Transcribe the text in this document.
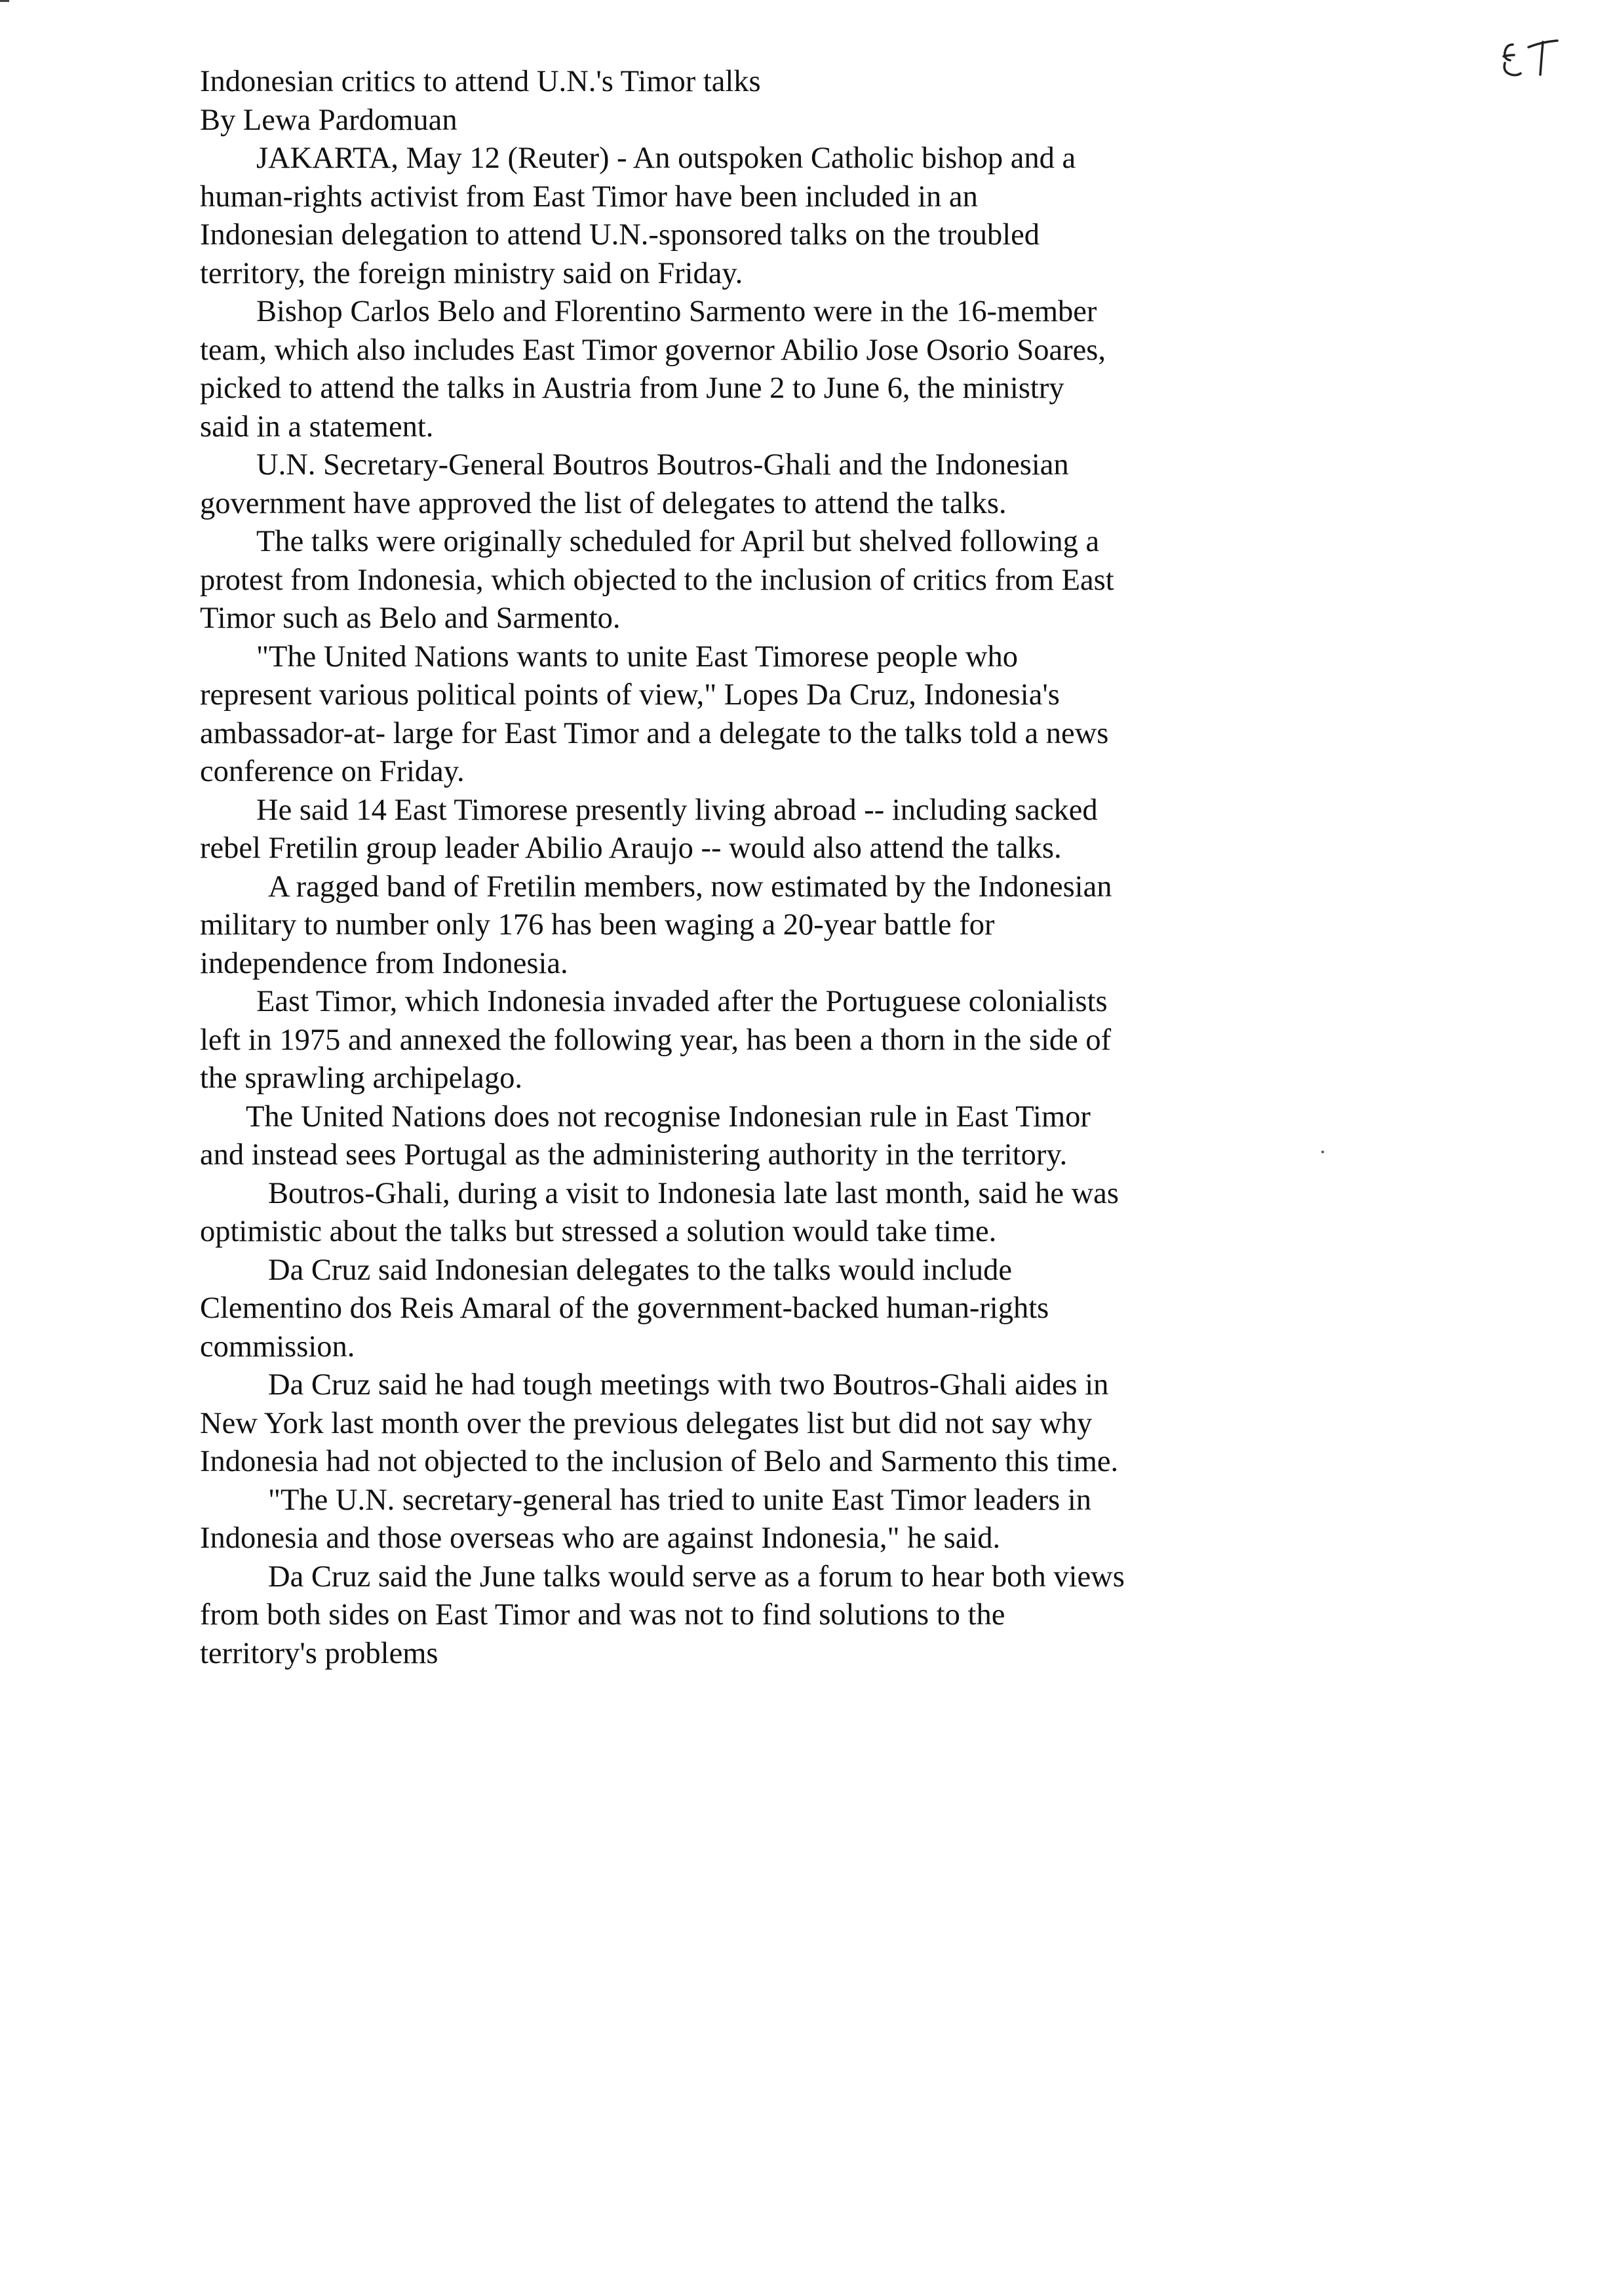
Indonesian critics to attend U.N.'s Timor talks

By Lewa Pardomuan

JAKARTA, May 12 (Reuter) - An outspoken Catholic bishop and a
human-rights activist from East Timor have been included in an
Indonesian delegation to attend U.N.-sponsored talks on the troubled
territory, the foreign ministry said on Friday.
Bishop Carlos Belo and Florentino Sarmento were in the 16-member
team, which also includes East Timor governor Abilio Jose Osorio Soares,
picked to attend the talks in Austria from June 2 to June 6, the ministry
said in a statement.
U.N. Secretary-General Boutros Boutros-Ghali and the Indonesian
government have approved the list of delegates to attend the talks.
The talks were originally scheduled for April but shelved following a
protest from Indonesia, which objected to the inclusion of critics from East
Timor such as Belo and Sarmento.
"The United Nations wants to unite East Timorese people who
represent various political points of view," Lopes Da Cruz, Indonesia's
ambassador-at- large for East Timor and a delegate to the talks told a news
conference on Friday.
He said 14 East Timorese presently living abroad -- including sacked
rebel Fretilin group leader Abilio Araujo -- would also attend the talks.
A ragged band of Fretilin members, now estimated by the Indonesian
military to number only 176 has been waging a 20-year battle for
independence from Indonesia.
East Timor, which Indonesia invaded after the Portuguese colonialists
left in 1975 and annexed the following year, has been a thorn in the side of
the sprawling archipelago.
The United Nations does not recognise Indonesian rule in East Timor
and instead sees Portugal as the administering authority in the territory.
Boutros-Ghali, during a visit to Indonesia late last month, said he was
optimistic about the talks but stressed a solution would take time.
Da Cruz said Indonesian delegates to the talks would include
Clementino dos Reis Amaral of the government-backed human-rights
commission.
Da Cruz said he had tough meetings with two Boutros-Ghali aides in
New York last month over the previous delegates list but did not say why
Indonesia had not objected to the inclusion of Belo and Sarmento this time.
"The U.N. secretary-general has tried to unite East Timor leaders in
Indonesia and those overseas who are against Indonesia," he said.
Da Cruz said the June talks would serve as a forum to hear both views
from both sides on East Timor and was not to find solutions to the
territory's problems
